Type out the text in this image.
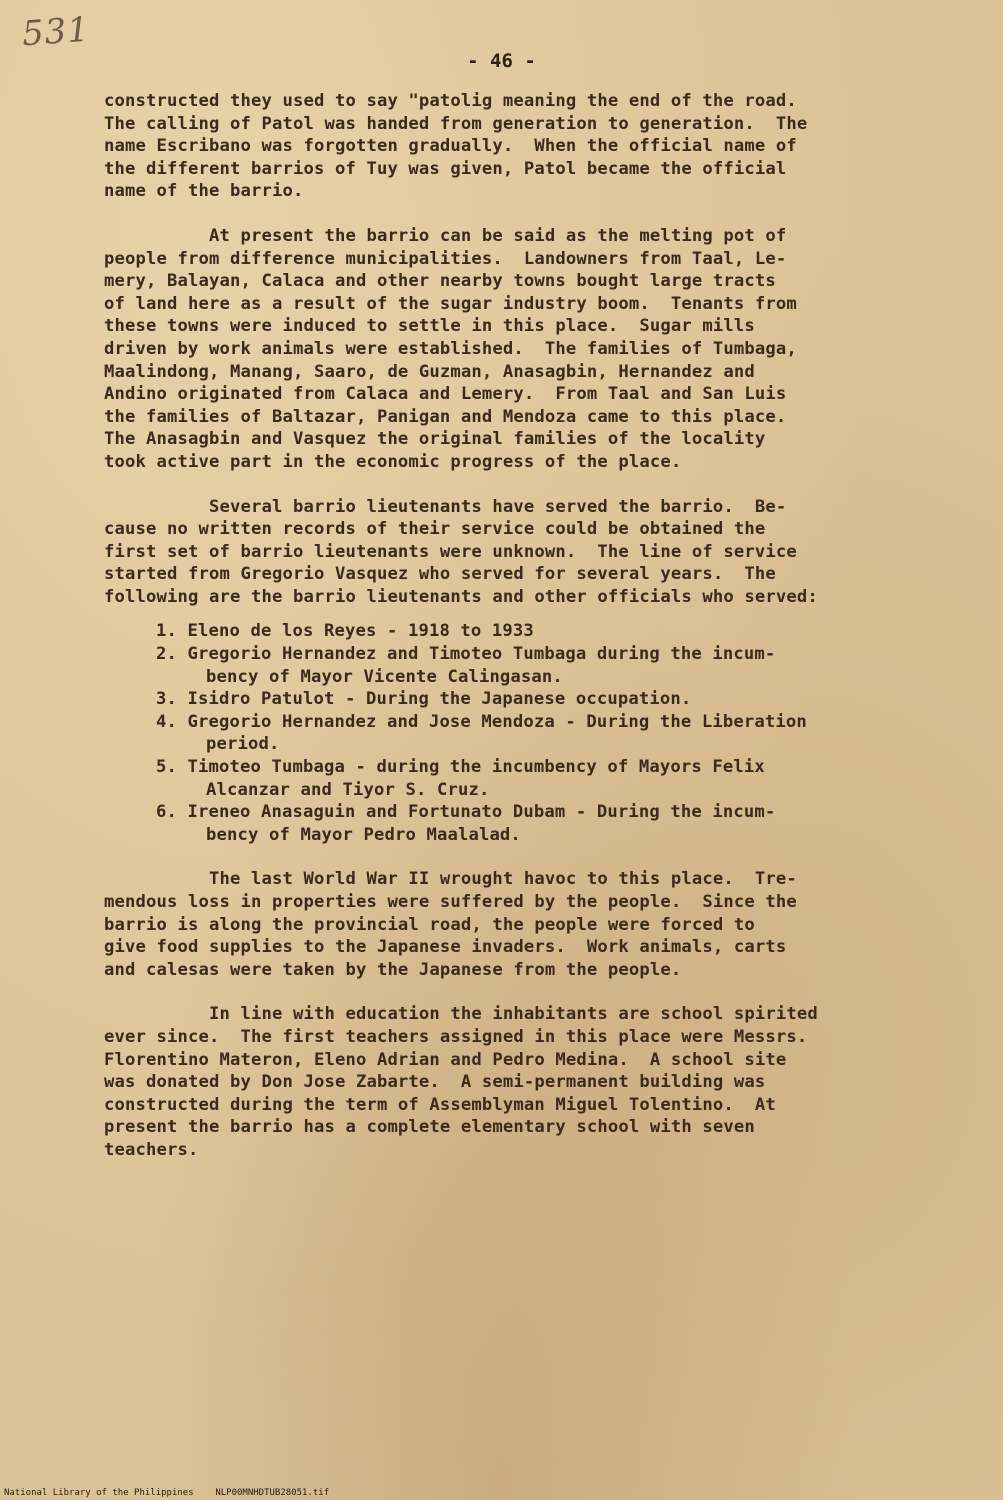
531
- 46 -
constructed they used to say "patolig meaning the end of the road.
The calling of Patol was handed from generation to generation.  The
name Escribano was forgotten gradually.  When the official name of
the different barrios of Tuy was given, Patol became the official
name of the barrio.
At present the barrio can be said as the melting pot of
people from difference municipalities.  Landowners from Taal, Le-
mery, Balayan, Calaca and other nearby towns bought large tracts
of land here as a result of the sugar industry boom.  Tenants from
these towns were induced to settle in this place.  Sugar mills
driven by work animals were established.  The families of Tumbaga,
Maalindong, Manang, Saaro, de Guzman, Anasagbin, Hernandez and
Andino originated from Calaca and Lemery.  From Taal and San Luis
the families of Baltazar, Panigan and Mendoza came to this place.
The Anasagbin and Vasquez the original families of the locality
took active part in the economic progress of the place.
Several barrio lieutenants have served the barrio.  Be-
cause no written records of their service could be obtained the
first set of barrio lieutenants were unknown.  The line of service
started from Gregorio Vasquez who served for several years.  The
following are the barrio lieutenants and other officials who served:
1. Eleno de los Reyes - 1918 to 1933
2. Gregorio Hernandez and Timoteo Tumbaga during the incum-
bency of Mayor Vicente Calingasan.
3. Isidro Patulot - During the Japanese occupation.
4. Gregorio Hernandez and Jose Mendoza - During the Liberation
period.
5. Timoteo Tumbaga - during the incumbency of Mayors Felix
Alcanzar and Tiyor S. Cruz.
6. Ireneo Anasaguin and Fortunato Dubam - During the incum-
bency of Mayor Pedro Maalalad.
The last World War II wrought havoc to this place.  Tre-
mendous loss in properties were suffered by the people.  Since the
barrio is along the provincial road, the people were forced to
give food supplies to the Japanese invaders.  Work animals, carts
and calesas were taken by the Japanese from the people.
In line with education the inhabitants are school spirited
ever since.  The first teachers assigned in this place were Messrs.
Florentino Materon, Eleno Adrian and Pedro Medina.  A school site
was donated by Don Jose Zabarte.  A semi-permanent building was
constructed during the term of Assemblyman Miguel Tolentino.  At
present the barrio has a complete elementary school with seven
teachers.
National Library of the Philippines    NLP00MNHDTUB28051.tif
